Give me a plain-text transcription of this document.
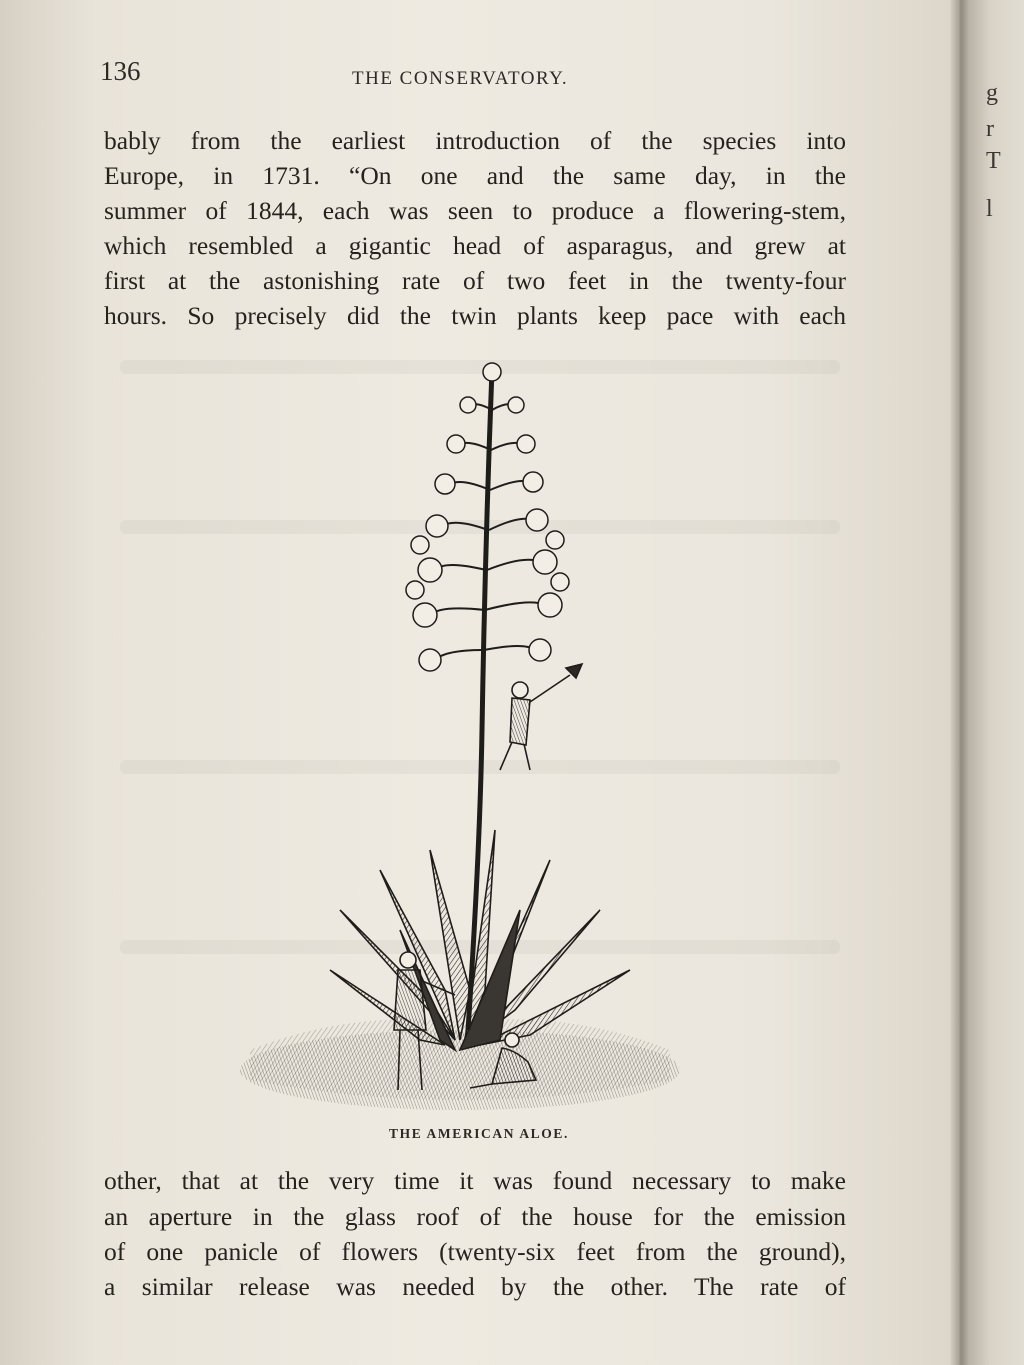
136	THE CONSERVATORY.
bably from the earliest introduction of the species into
Europe, in 1731. “On one and the same day, in the
summer of 1844, each was seen to produce a flowering-stem,
which resembled a gigantic head of asparagus, and grew at
first at the astonishing rate of two feet in the twenty-four
hours. So precisely did the twin plants keep pace with each
THE AMERICAN ALOE.
other, that at the very time it was found necessary to make
an aperture in the glass roof of the house for the emission
of one panicle of flowers (twenty-six feet from the ground),
a similar release was needed by the other. The rate of
g
r
T
l
